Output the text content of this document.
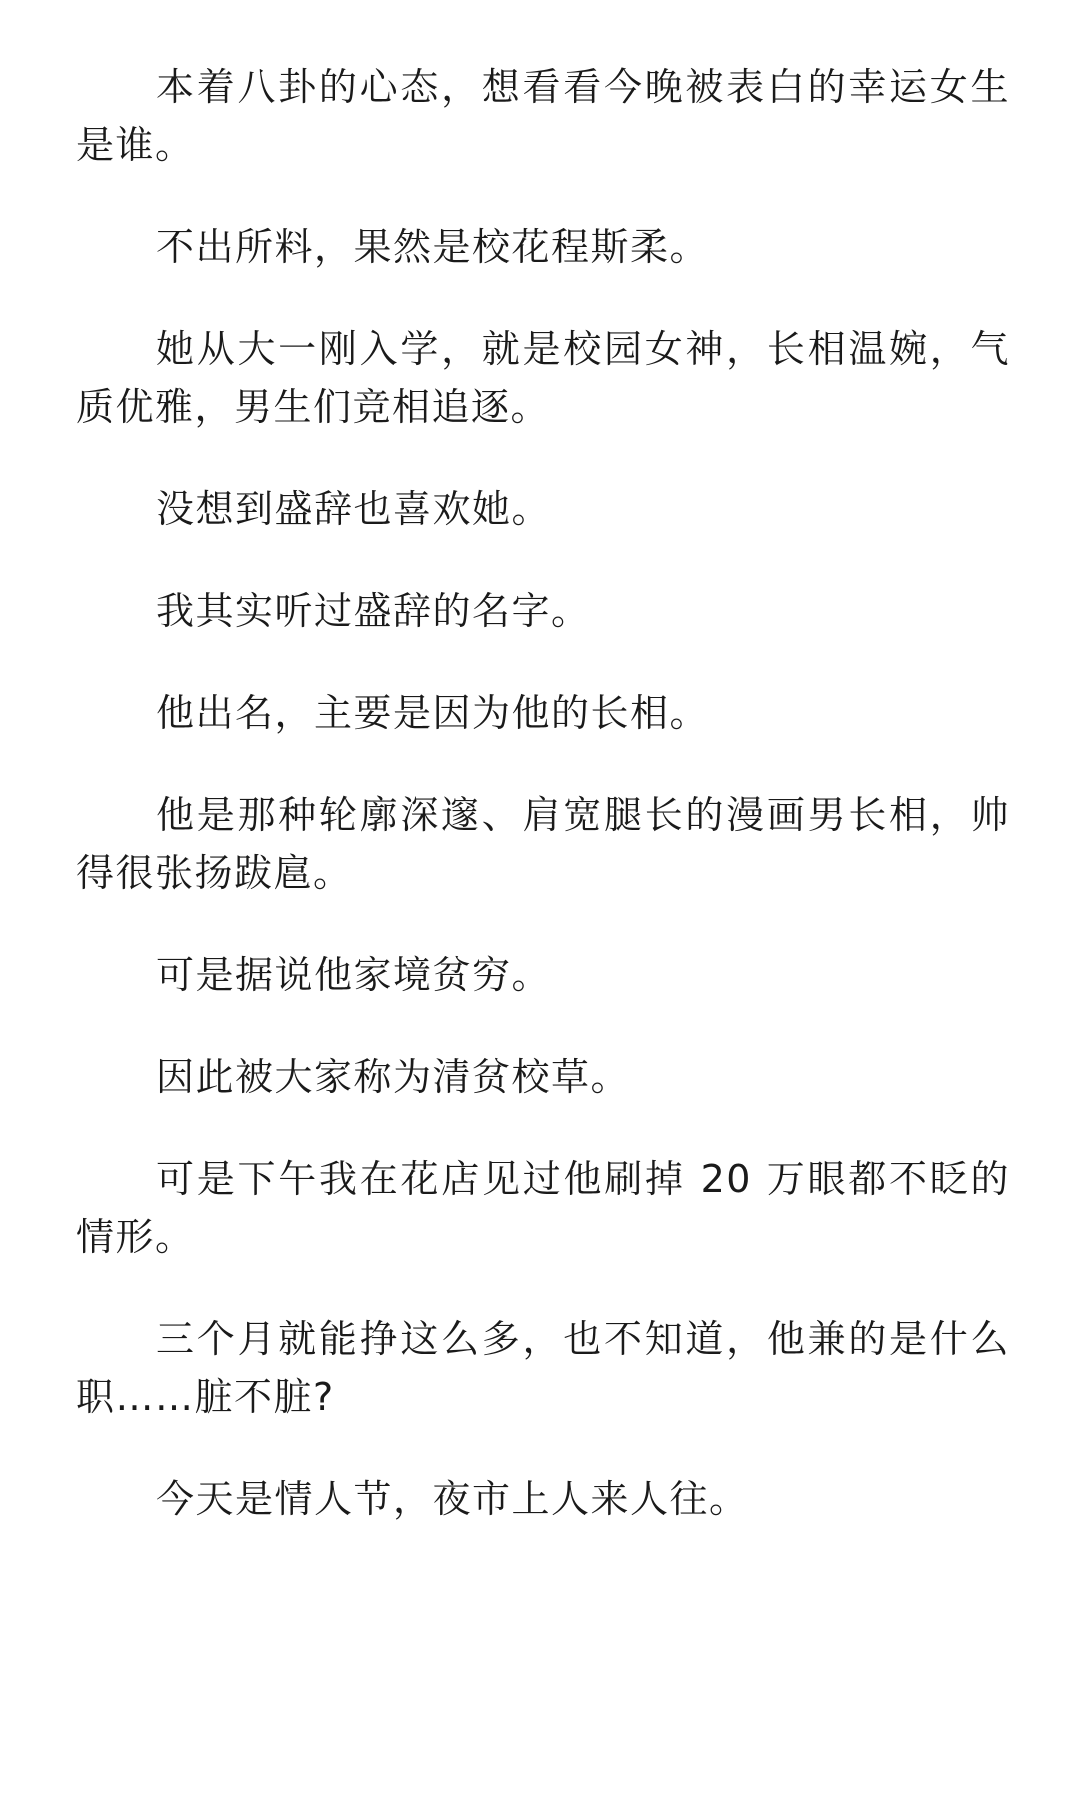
本着八卦的心态，想看看今晚被表白的幸运女生是谁。

不出所料，果然是校花程斯柔。

她从大一刚入学，就是校园女神，长相温婉，气质优雅，男生们竞相追逐。

没想到盛辞也喜欢她。

我其实听过盛辞的名字。

他出名，主要是因为他的长相。

他是那种轮廓深邃、肩宽腿长的漫画男长相，帅得很张扬跋扈。

可是据说他家境贫穷。

因此被大家称为清贫校草。

可是下午我在花店见过他刷掉 20 万眼都不眨的情形。

三个月就能挣这么多，也不知道，他兼的是什么职……脏不脏?

今天是情人节，夜市上人来人往。
